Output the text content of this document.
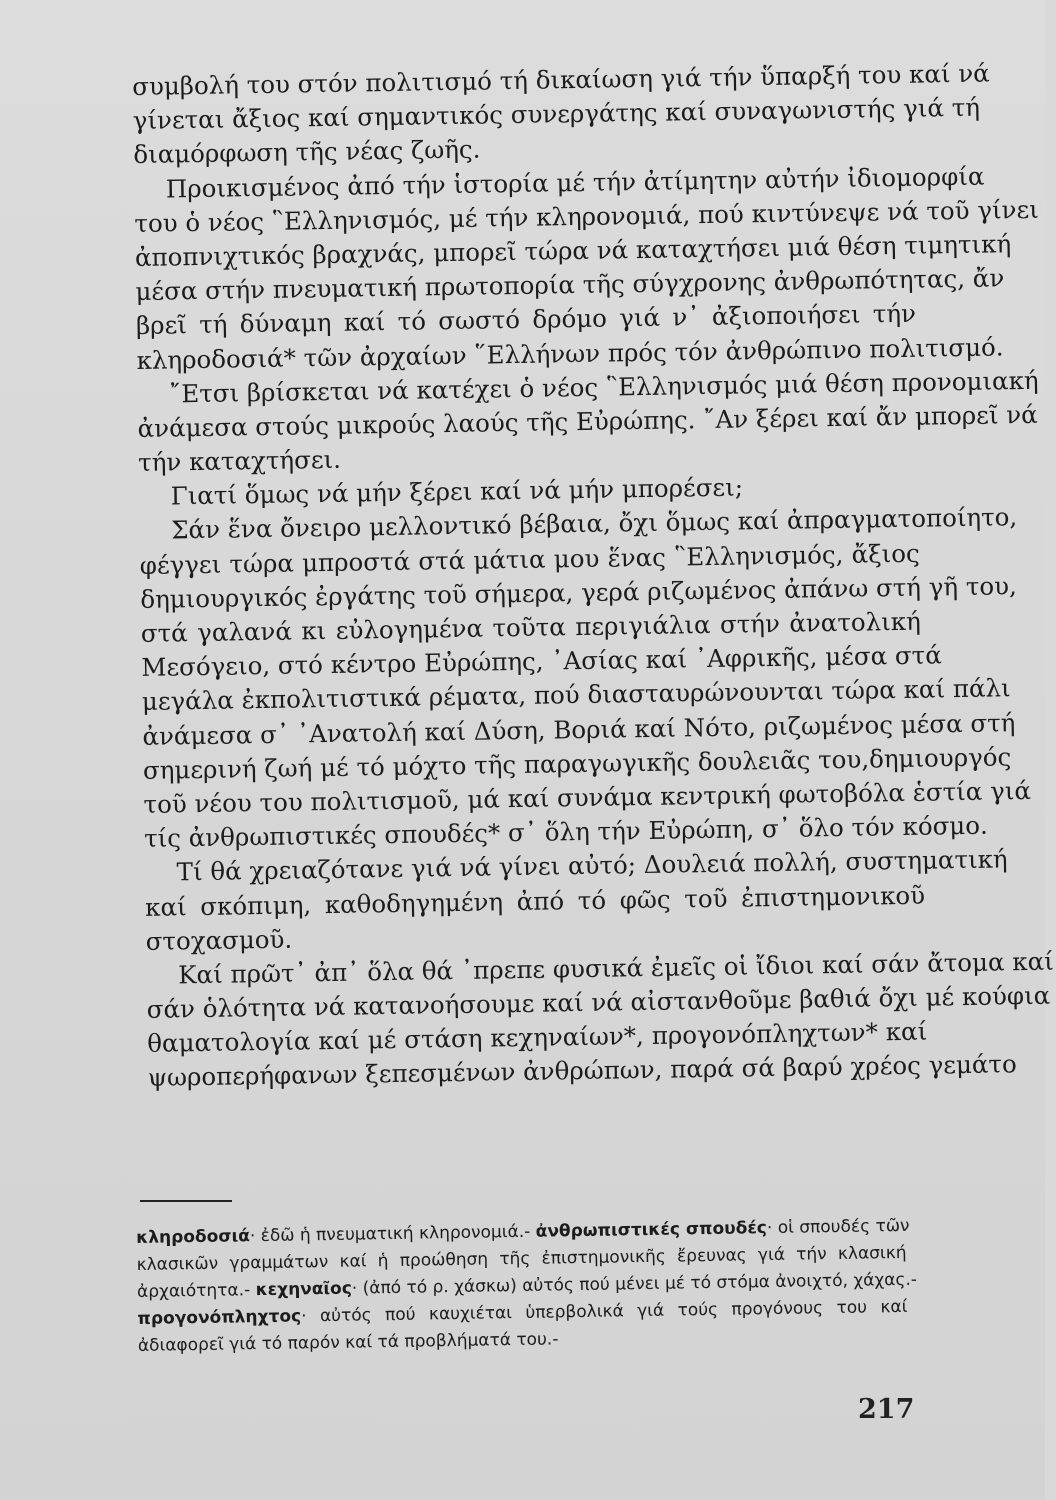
συμβολή του στόν πολιτισμό τή δικαίωση γιά τήν ὕπαρξή του καί νά
γίνεται ἄξιος καί σημαντικός συνεργάτης καί συναγωνιστής γιά τή
διαμόρφωση τῆς νέας ζωῆς.
Προικισμένος ἀπό τήν ἱστορία μέ τήν ἀτίμητην αὐτήν ἰδιομορφία
του ὁ νέος ῝Ελληνισμός, μέ τήν κληρονομιά, πού κιντύνεψε νά τοῦ γίνει
ἀποπνιχτικός βραχνάς, μπορεῖ τώρα νά καταχτήσει μιά θέση τιμητική
μέσα στήν πνευματική πρωτοπορία τῆς σύγχρονης ἀνθρωπότητας, ἄν
βρεῖ τή δύναμη καί τό σωστό δρόμο γιά ν᾽ ἀξιοποιήσει τήν
κληροδοσιά* τῶν ἀρχαίων ῞Ελλήνων πρός τόν ἀνθρώπινο πολιτισμό.
῎Ετσι βρίσκεται νά κατέχει ὁ νέος ῝Ελληνισμός μιά θέση προνομιακή
ἀνάμεσα στούς μικρούς λαούς τῆς Εὐρώπης. ῎Αν ξέρει καί ἄν μπορεῖ νά
τήν καταχτήσει.
Γιατί ὅμως νά μήν ξέρει καί νά μήν μπορέσει;
Σάν ἕνα ὄνειρο μελλοντικό βέβαια, ὄχι ὅμως καί ἀπραγματοποίητο,
φέγγει τώρα μπροστά στά μάτια μου ἕνας ῝Ελληνισμός, ἄξιος
δημιουργικός ἐργάτης τοῦ σήμερα, γερά ριζωμένος ἀπάνω στή γῆ του,
στά γαλανά κι εὐλογημένα τοῦτα περιγιάλια στήν ἀνατολική
Μεσόγειο, στό κέντρο Εὐρώπης, ᾽Ασίας καί ᾽Αφρικῆς, μέσα στά
μεγάλα ἐκπολιτιστικά ρέματα, πού διασταυρώνουνται τώρα καί πάλι
ἀνάμεσα σ᾽ ᾽Ανατολή καί Δύση, Βοριά καί Νότο, ριζωμένος μέσα στή
σημερινή ζωή μέ τό μόχτο τῆς παραγωγικῆς δουλειᾶς του,δημιουργός
τοῦ νέου του πολιτισμοῦ, μά καί συνάμα κεντρική φωτοβόλα ἑστία γιά
τίς ἀνθρωπιστικές σπουδές* σ᾽ ὅλη τήν Εὐρώπη, σ᾽ ὅλο τόν κόσμο.
Τί θά χρειαζότανε γιά νά γίνει αὐτό; Δουλειά πολλή, συστηματική
καί σκόπιμη, καθοδηγημένη ἀπό τό φῶς τοῦ ἐπιστημονικοῦ
στοχασμοῦ.
Καί πρῶτ᾽ ἀπ᾽ ὅλα θά ᾽πρεπε φυσικά ἐμεῖς οἱ ἴδιοι καί σάν ἄτομα καί
σάν ὁλότητα νά κατανοήσουμε καί νά αἰστανθοῦμε βαθιά ὄχι μέ κούφια
θαματολογία καί μέ στάση κεχηναίων*, προγονόπληχτων* καί
ψωροπερήφανων ξεπεσμένων ἀνθρώπων, παρά σά βαρύ χρέος γεμάτο
κληροδοσιά· ἐδῶ ἡ πνευματική κληρονομιά.- ἀνθρωπιστικές σπουδές· οἱ σπουδές τῶν
κλασικῶν γραμμάτων καί ἡ προώθηση τῆς ἐπιστημονικῆς ἔρευνας γιά τήν κλασική
ἀρχαιότητα.- κεχηναῖος· (ἀπό τό ρ. χάσκω) αὐτός πού μένει μέ τό στόμα ἀνοιχτό, χάχας.-
προγονόπληχτος· αὐτός πού καυχιέται ὑπερβολικά γιά τούς προγόνους του καί
ἀδιαφορεῖ γιά τό παρόν καί τά προβλήματά του.-
217
